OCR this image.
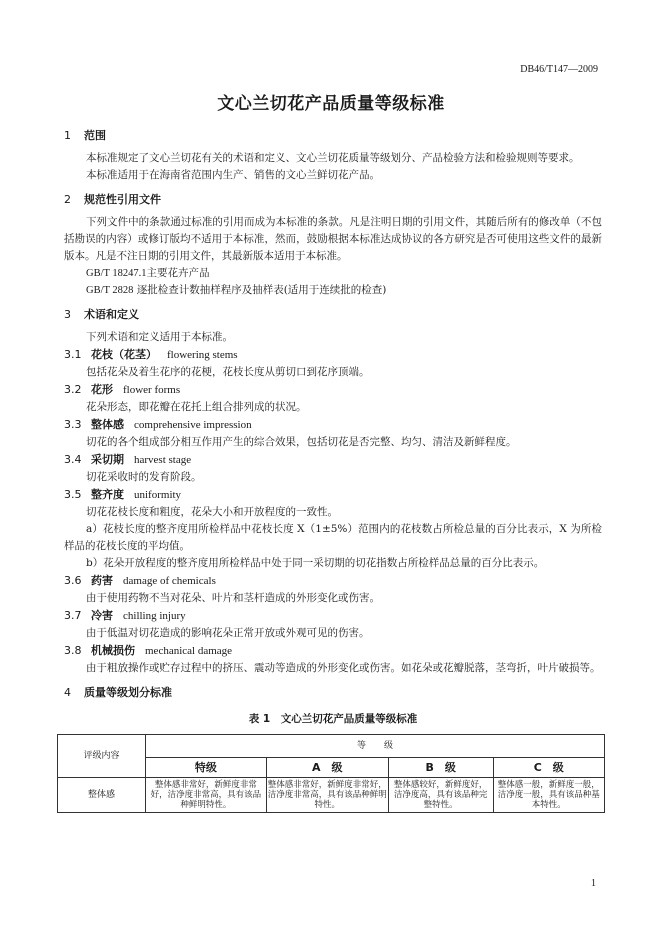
DB46/T147—2009
文心兰切花产品质量等级标准
1 范围
本标准规定了文心兰切花有关的术语和定义、文心兰切花质量等级划分、产品检验方法和检验规则等要求。
本标准适用于在海南省范围内生产、销售的文心兰鲜切花产品。
2 规范性引用文件
下列文件中的条款通过标准的引用而成为本标准的条款。凡是注明日期的引用文件，其随后所有的修改单（不包括勘误的内容）或修订版均不适用于本标准，然而，鼓励根据本标准达成协议的各方研究是否可使用这些文件的最新版本。凡是不注日期的引用文件，其最新版本适用于本标准。
GB/T 18247.1主要花卉产品
GB/T 2828 逐批检查计数抽样程序及抽样表(适用于连续批的检查)
3 术语和定义
下列术语和定义适用于本标准。
3.1 花枝（花茎） flowering stems
包括花朵及着生花序的花梗，花枝长度从剪切口到花序顶端。
3.2 花形 flower forms
花朵形态，即花瓣在花托上组合排列成的状况。
3.3 整体感 comprehensive impression
切花的各个组成部分相互作用产生的综合效果，包括切花是否完整、均匀、清洁及新鲜程度。
3.4 采切期 harvest stage
切花采收时的发育阶段。
3.5 整齐度 uniformity
切花花枝长度和粗度，花朵大小和开放程度的一致性。
a）花枝长度的整齐度用所检样品中花枝长度 X（1±5%）范围内的花枝数占所检总量的百分比表示，X 为所检样品的花枝长度的平均值。
b）花朵开放程度的整齐度用所检样品中处于同一采切期的切花指数占所检样品总量的百分比表示。
3.6 药害 damage of chemicals
由于使用药物不当对花朵、叶片和茎杆造成的外形变化或伤害。
3.7 冷害 chilling injury
由于低温对切花造成的影响花朵正常开放或外观可见的伤害。
3.8 机械损伤 mechanical damage
由于粗放操作或贮存过程中的挤压、震动等造成的外形变化或伤害。如花朵或花瓣脱落，茎弯折，叶片破损等。
4 质量等级划分标准
表 1　文心兰切花产品质量等级标准
评级内容	等　　级			
	特级	A　级	B　级	C　级
整体感	整体感非常好，新鲜度非常好，洁净度非常高，具有该品种鲜明特性。	整体感非常好，新鲜度非常好，洁净度非常高，具有该品种鲜明特性。	整体感较好，新鲜度好，洁净度高，具有该品种完整特性。	整体感一般，新鲜度一般，洁净度一般，具有该品种基本特性。
1
